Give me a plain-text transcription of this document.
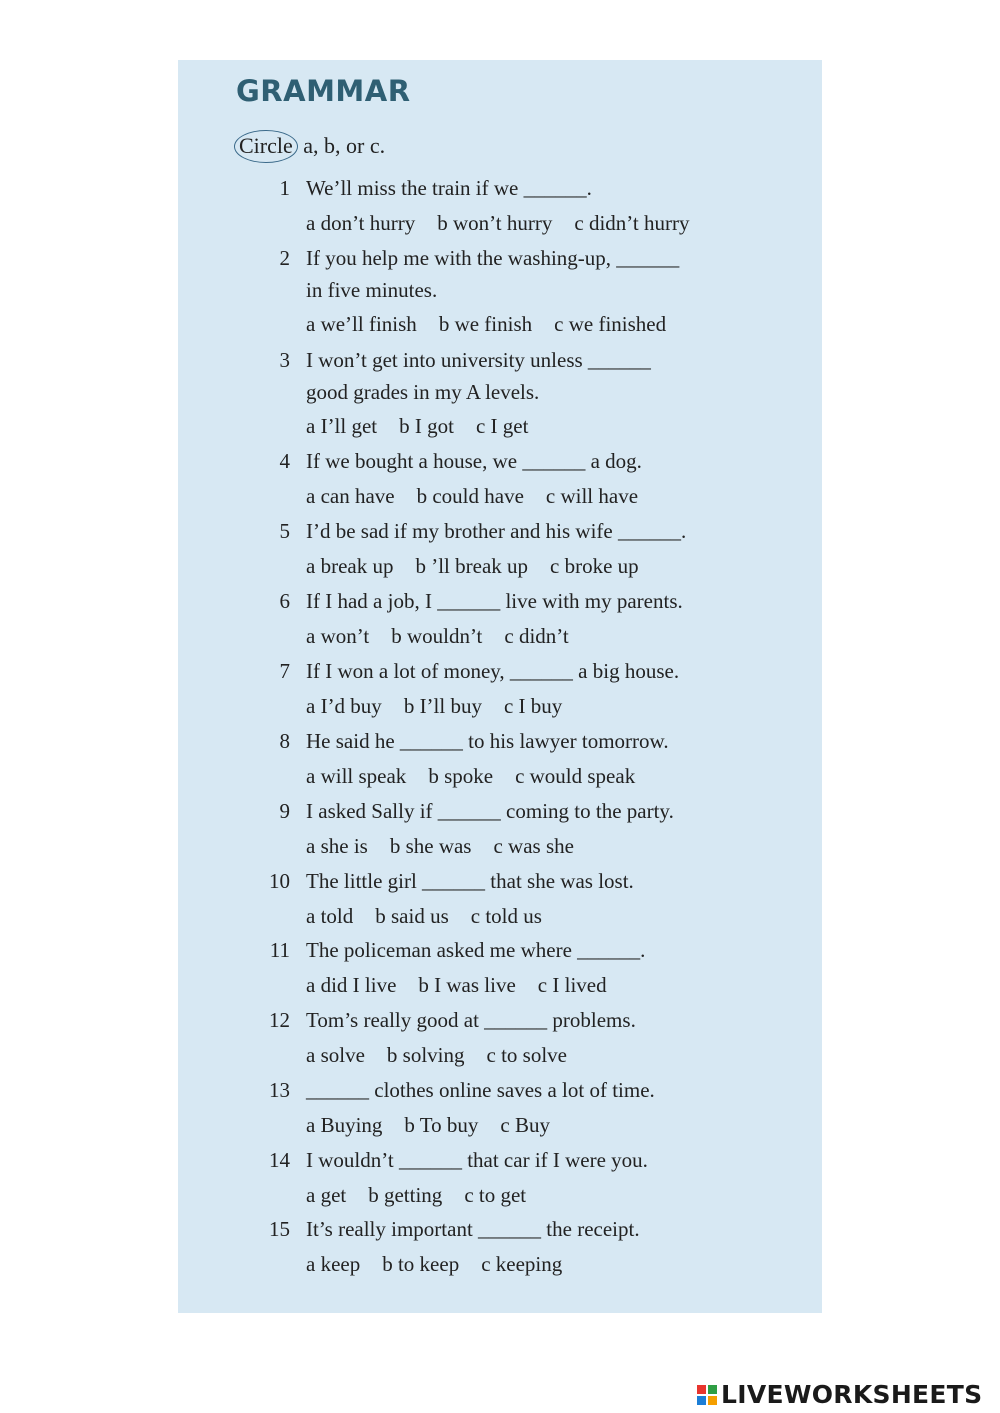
GRAMMAR
Circle a, b, or c.
1 We’ll miss the train if we ______.
a don’t hurry b won’t hurry c didn’t hurry
2 If you help me with the washing-up, ______
in five minutes.
a we’ll finish b we finish c we finished
3 I won’t get into university unless ______
good grades in my A levels.
a I’ll get b I got c I get
4 If we bought a house, we ______ a dog.
a can have b could have c will have
5 I’d be sad if my brother and his wife ______.
a break up b ’ll break up c broke up
6 If I had a job, I ______ live with my parents.
a won’t b wouldn’t c didn’t
7 If I won a lot of money, ______ a big house.
a I’d buy b I’ll buy c I buy
8 He said he ______ to his lawyer tomorrow.
a will speak b spoke c would speak
9 I asked Sally if ______ coming to the party.
a she is b she was c was she
10 The little girl ______ that she was lost.
a told b said us c told us
11 The policeman asked me where ______.
a did I live b I was live c I lived
12 Tom’s really good at ______ problems.
a solve b solving c to solve
13 ______ clothes online saves a lot of time.
a Buying b To buy c Buy
14 I wouldn’t ______ that car if I were you.
a get b getting c to get
15 It’s really important ______ the receipt.
a keep b to keep c keeping
LIVEWORKSHEETS
